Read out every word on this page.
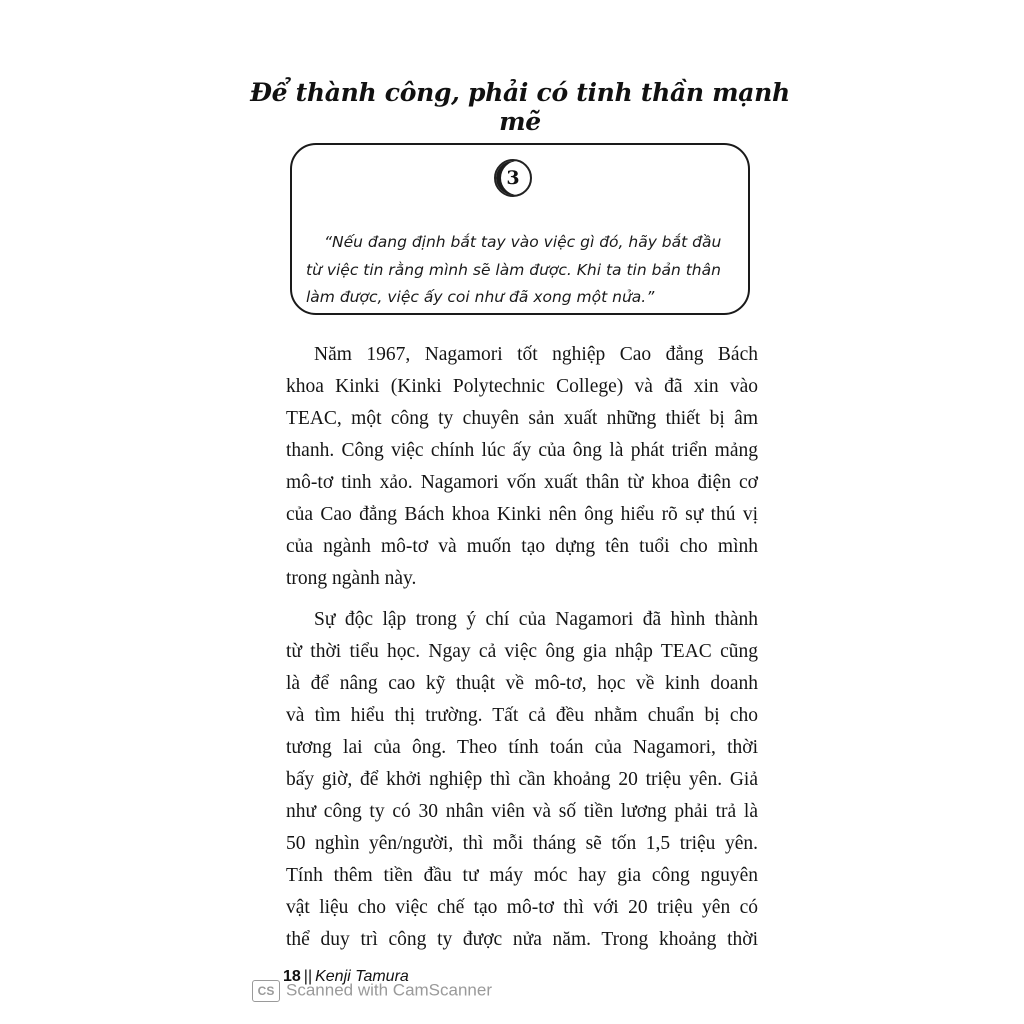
Để thành công, phải có tinh thần mạnh mẽ
3
“Nếu đang định bắt tay vào việc gì đó, hãy bắt đầu
từ việc tin rằng mình sẽ làm được. Khi ta tin bản thân
làm được, việc ấy coi như đã xong một nửa.”
Năm 1967, Nagamori tốt nghiệp Cao đẳng Bách
khoa Kinki (Kinki Polytechnic College) và đã xin vào
TEAC, một công ty chuyên sản xuất những thiết bị âm
thanh. Công việc chính lúc ấy của ông là phát triển mảng
mô-tơ tinh xảo. Nagamori vốn xuất thân từ khoa điện cơ
của Cao đẳng Bách khoa Kinki nên ông hiểu rõ sự thú vị
của ngành mô-tơ và muốn tạo dựng tên tuổi cho mình
trong ngành này.
Sự độc lập trong ý chí của Nagamori đã hình thành
từ thời tiểu học. Ngay cả việc ông gia nhập TEAC cũng
là để nâng cao kỹ thuật về mô-tơ, học về kinh doanh
và tìm hiểu thị trường. Tất cả đều nhằm chuẩn bị cho
tương lai của ông. Theo tính toán của Nagamori, thời
bấy giờ, để khởi nghiệp thì cần khoảng 20 triệu yên. Giả
như công ty có 30 nhân viên và số tiền lương phải trả là
50 nghìn yên/người, thì mỗi tháng sẽ tốn 1,5 triệu yên.
Tính thêm tiền đầu tư máy móc hay gia công nguyên
vật liệu cho việc chế tạo mô-tơ thì với 20 triệu yên có
thể duy trì công ty được nửa năm. Trong khoảng thời
18 || Kenji Tamura
CS Scanned with CamScanner
